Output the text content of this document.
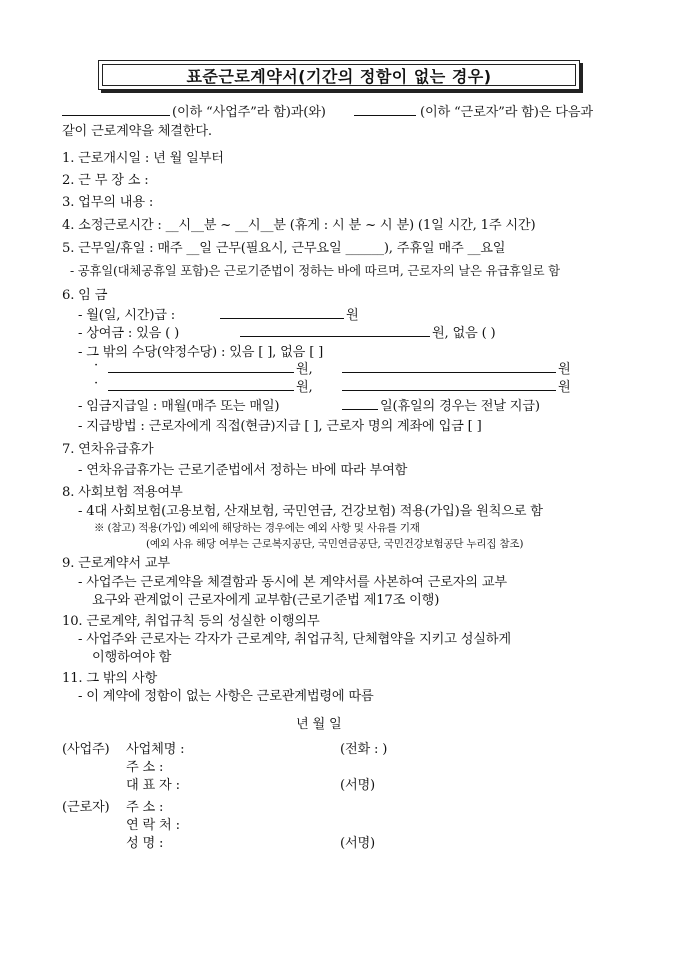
표준근로계약서(기간의 정함이 없는 경우)
(이하 “사업주”라 함)과(와)	(이하 “근로자”라 함)은 다음과
같이 근로계약을 체결한다.
1. 근로개시일 : 년 월 일부터
2. 근 무 장 소 :
3. 업무의 내용 :
4. 소정근로시간 : __시__분 ~ __시__분 (휴게 : 시 분 ~ 시 분) (1일 시간, 1주 시간)
5. 근무일/휴일 : 매주 __일 근무(필요시, 근무요일 ______), 주휴일 매주 __요일
- 공휴일(대체공휴일 포함)은 근로기준법이 정하는 바에 따르며, 근로자의 날은 유급휴일로 함
6. 임 금
- 월(일, 시간)급 :	원
- 상여금 : 있음 ( )	원, 없음 ( )
- 그 밖의 수당(약정수당) : 있음 [ ], 없음 [ ]
·	원,	원
·	원,	원
- 임금지급일 : 매월(매주 또는 매일)	일(휴일의 경우는 전날 지급)
- 지급방법 : 근로자에게 직접(현금)지급 [ ], 근로자 명의 계좌에 입금 [ ]
7. 연차유급휴가
- 연차유급휴가는 근로기준법에서 정하는 바에 따라 부여함
8. 사회보험 적용여부
- 4대 사회보험(고용보험, 산재보험, 국민연금, 건강보험) 적용(가입)을 원칙으로 함
※ (참고) 적용(가입) 예외에 해당하는 경우에는 예외 사항 및 사유를 기재
(예외 사유 해당 여부는 근로복지공단, 국민연금공단, 국민건강보험공단 누리집 참조)
9. 근로계약서 교부
- 사업주는 근로계약을 체결함과 동시에 본 계약서를 사본하여 근로자의 교부
요구와 관계없이 근로자에게 교부함(근로기준법 제17조 이행)
10. 근로계약, 취업규칙 등의 성실한 이행의무
- 사업주와 근로자는 각자가 근로계약, 취업규칙, 단체협약을 지키고 성실하게
이행하여야 함
11. 그 밖의 사항
- 이 계약에 정함이 없는 사항은 근로관계법령에 따름
년 월 일
(사업주) 사업체명 :	(전화 : )
주 소 :
대 표 자 :	(서명)
(근로자) 주 소 :
연 락 처 :
성 명 :	(서명)
